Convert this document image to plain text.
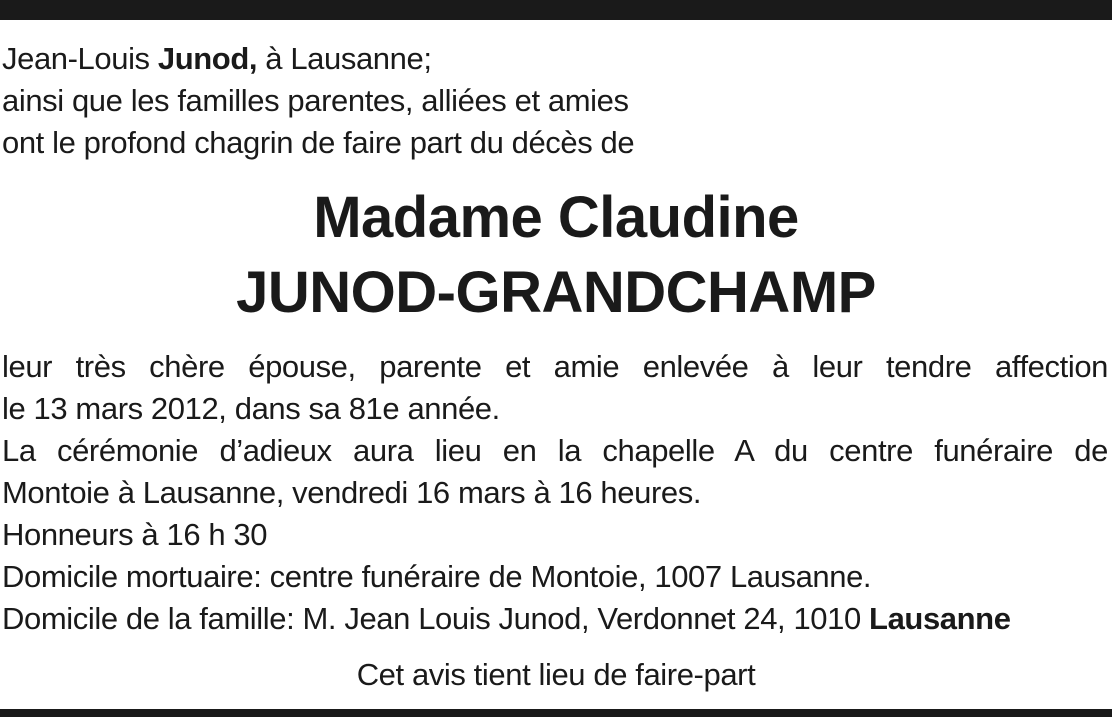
Jean-Louis Junod, à Lausanne;
ainsi que les familles parentes, alliées et amies
ont le profond chagrin de faire part du décès de
Madame Claudine
JUNOD-GRANDCHAMP
leur très chère épouse, parente et amie enlevée à leur tendre affection
le 13 mars 2012, dans sa 81e année.
La cérémonie d’adieux aura lieu en la chapelle A du centre funéraire de
Montoie à Lausanne, vendredi 16 mars à 16 heures.
Honneurs à 16 h 30
Domicile mortuaire: centre funéraire de Montoie, 1007 Lausanne.
Domicile de la famille: M. Jean Louis Junod, Verdonnet 24, 1010 Lausanne
Cet avis tient lieu de faire-part
